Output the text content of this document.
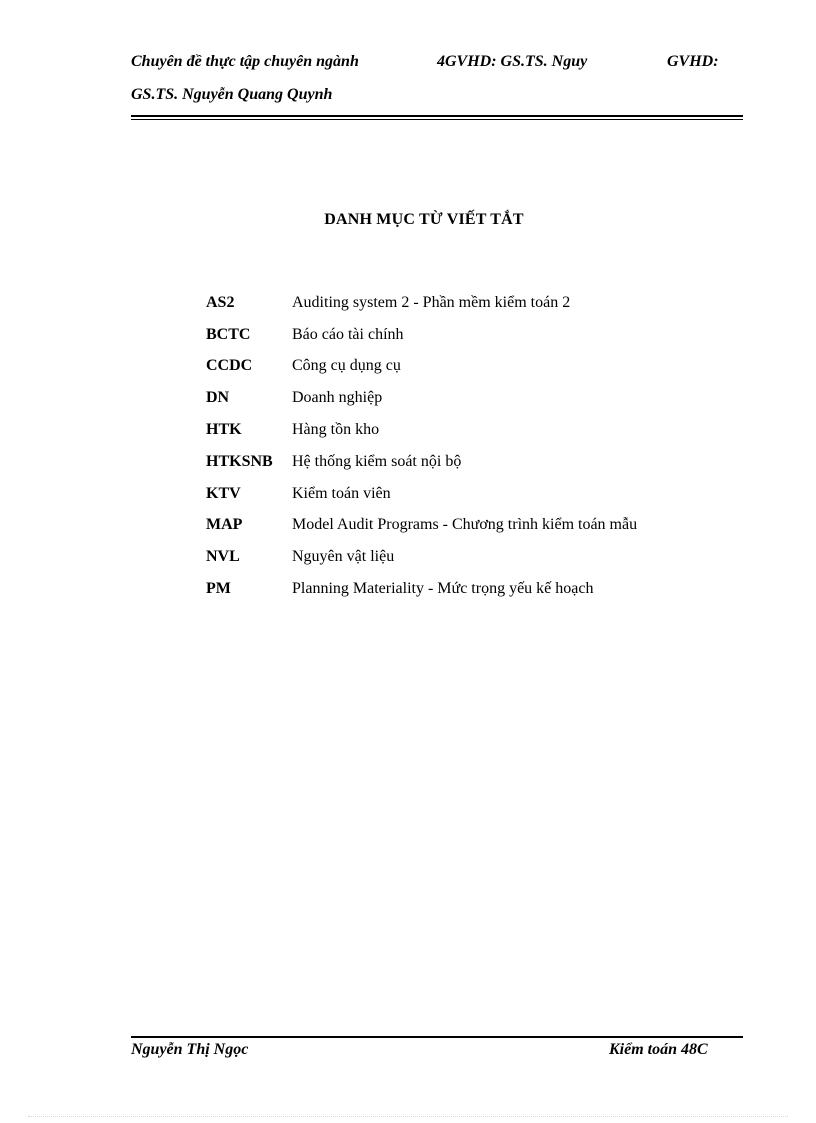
Chuyên đề thực tập chuyên ngành	4GVHD: GS.TS. Nguy	GVHD:
GS.TS. Nguyễn Quang Quynh
DANH MỤC TỪ VIẾT TẮT
AS2	Auditing system 2 - Phần mềm kiểm toán 2
BCTC	Báo cáo tài chính
CCDC	Công cụ dụng cụ
DN	Doanh nghiệp
HTK	Hàng tồn kho
HTKSNB	Hệ thống kiểm soát nội bộ
KTV	Kiểm toán viên
MAP	Model Audit Programs - Chương trình kiểm toán mẫu
NVL	Nguyên vật liệu
PM	Planning Materiality - Mức trọng yếu kế hoạch
Nguyễn Thị Ngọc	Kiểm toán 48C
